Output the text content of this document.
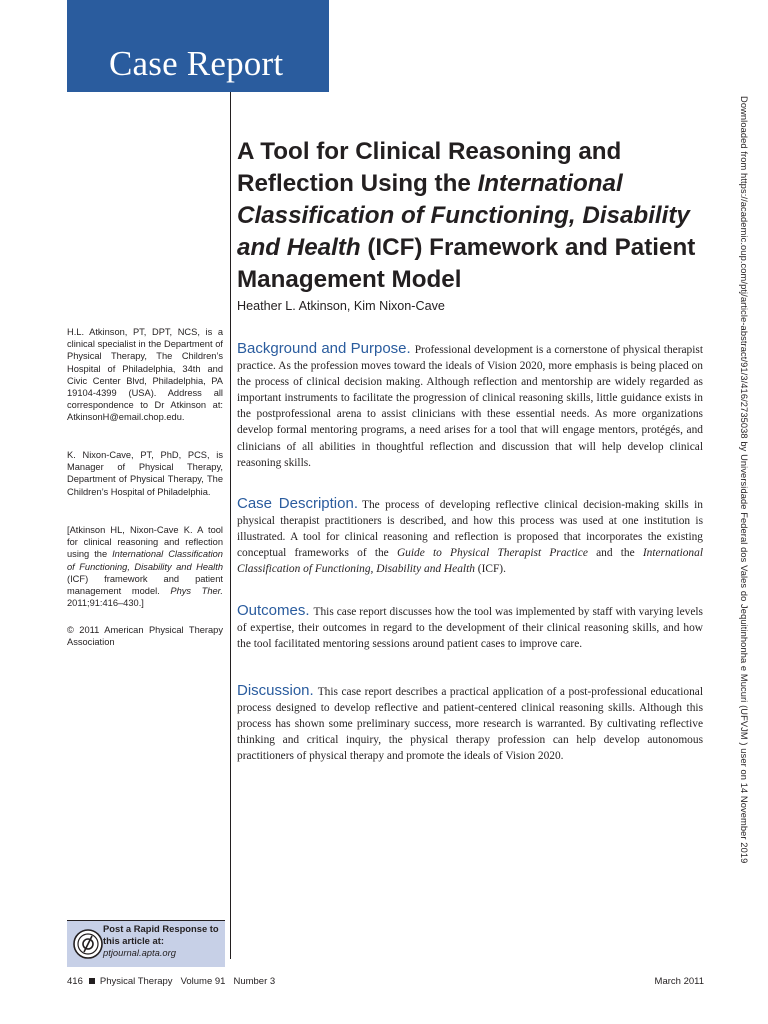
Case Report
A Tool for Clinical Reasoning and Reflection Using the International Classification of Functioning, Disability and Health (ICF) Framework and Patient Management Model
Heather L. Atkinson, Kim Nixon-Cave

H.L. Atkinson, PT, DPT, NCS, is a clinical specialist in the Department of Physical Therapy, The Children’s Hospital of Philadelphia, 34th and Civic Center Blvd, Philadelphia, PA 19104-4399 (USA). Address all correspondence to Dr Atkinson at: AtkinsonH@email.chop.edu.

K. Nixon-Cave, PT, PhD, PCS, is Manager of Physical Therapy, Department of Physical Therapy, The Children’s Hospital of Philadelphia.

[Atkinson HL, Nixon-Cave K. A tool for clinical reasoning and reflection using the International Classification of Functioning, Disability and Health (ICF) framework and patient management model. Phys Ther. 2011;91:416–430.]

© 2011 American Physical Therapy Association

Background and Purpose. Professional development is a cornerstone of physical therapist practice. As the profession moves toward the ideals of Vision 2020, more emphasis is being placed on the process of clinical decision making. Although reflection and mentorship are widely regarded as important instruments to facilitate the progression of clinical reasoning skills, little guidance exists in the postprofessional arena to assist clinicians with these essential needs. As more organizations develop formal mentoring programs, a need arises for a tool that will engage mentors, protégés, and clinicians of all abilities in thoughtful reflection and discussion that will help develop clinical reasoning skills.

Case Description. The process of developing reflective clinical decision-making skills in physical therapist practitioners is described, and how this process was used at one institution is illustrated. A tool for clinical reasoning and reflection is proposed that incorporates the existing conceptual frameworks of the Guide to Physical Therapist Practice and the International Classification of Functioning, Disability and Health (ICF).

Outcomes. This case report discusses how the tool was implemented by staff with varying levels of expertise, their outcomes in regard to the development of their clinical reasoning skills, and how the tool facilitated mentoring sessions around patient cases to improve care.

Discussion. This case report describes a practical application of a post-professional educational process designed to develop reflective and patient-centered clinical reasoning skills. Although this process has shown some preliminary success, more research is warranted. By cultivating reflective thinking and critical inquiry, the physical therapy profession can help develop autonomous practitioners of physical therapy and promote the ideals of Vision 2020.

Post a Rapid Response to this article at:
ptjournal.apta.org
416 Physical Therapy Volume 91 Number 3	March 2011
Downloaded from https://academic.oup.com/ptj/article-abstract/91/3/416/2735038 by Universidade Federal dos Vales do Jequitinhonha e Mucuri (UFVJM ) user on 14 November 2019
